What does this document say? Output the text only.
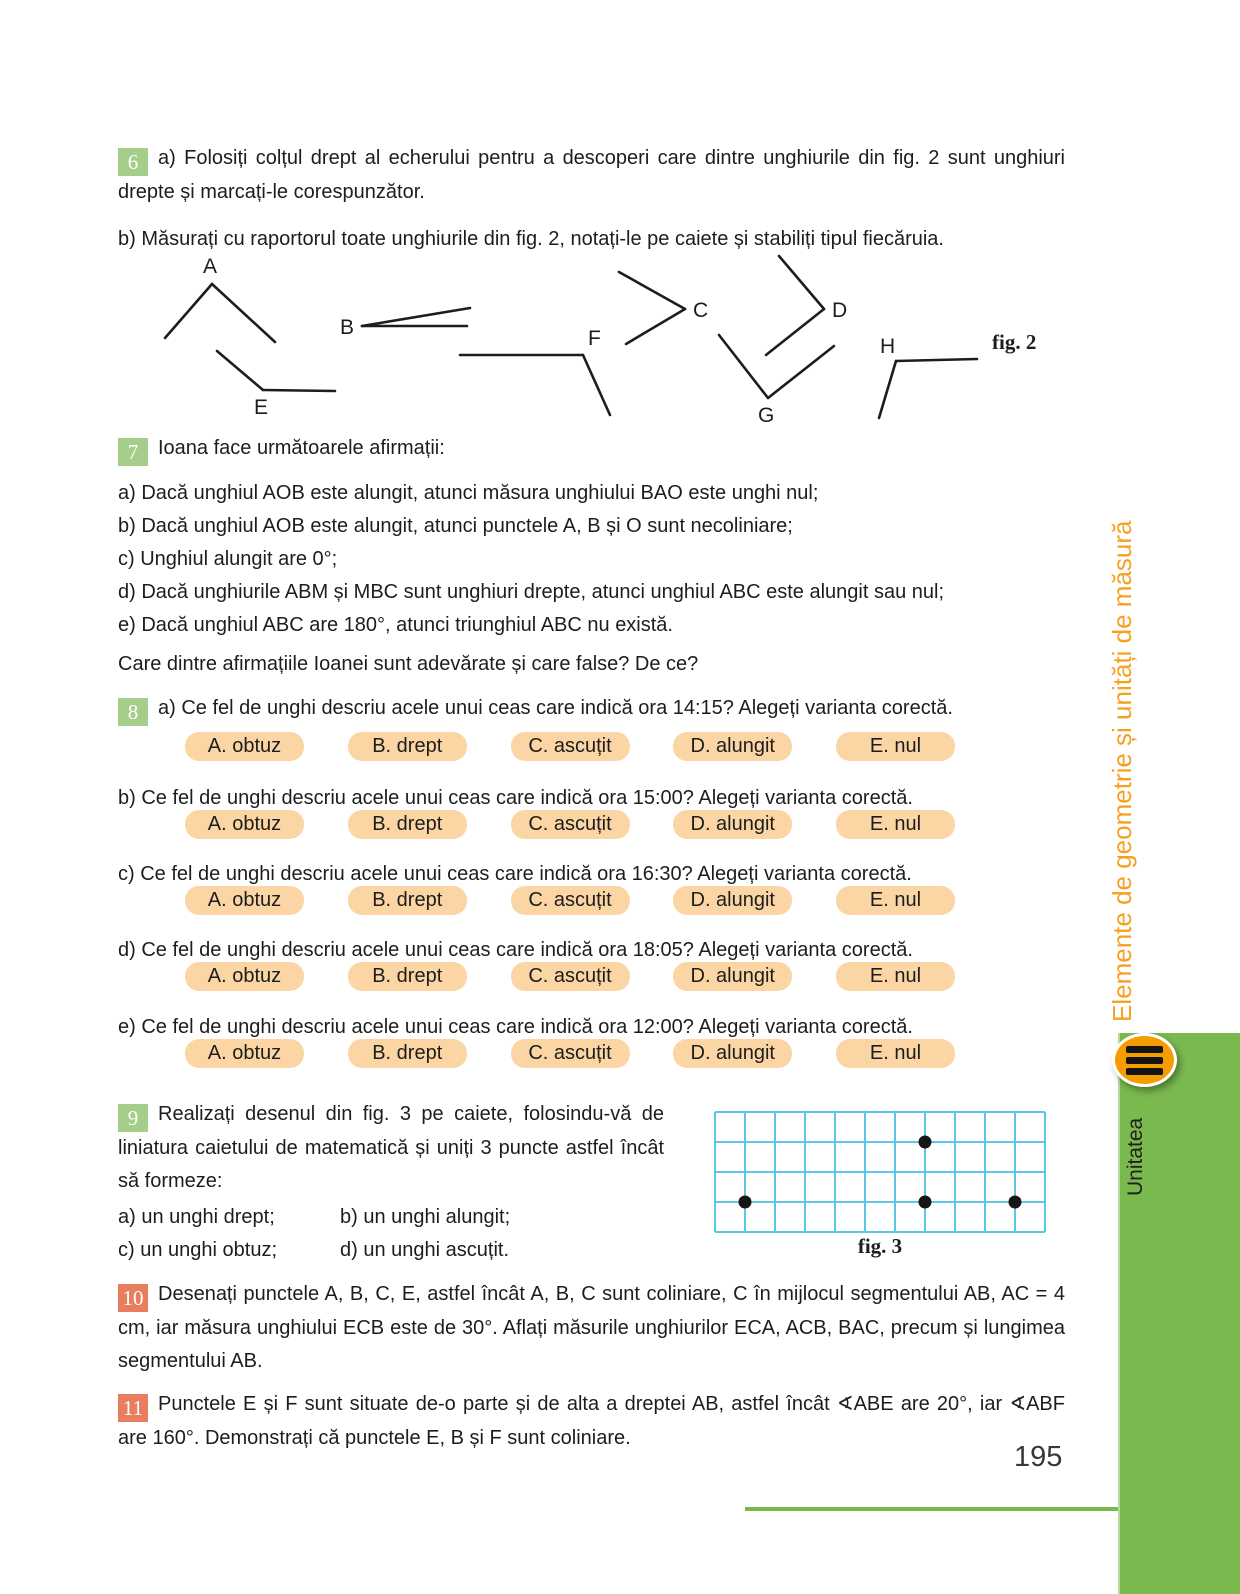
6 a) Folosiți colțul drept al echerului pentru a descoperi care dintre unghiurile din fig. 2 sunt unghiuri drepte și marcați-le corespunzător.

b) Măsurați cu raportorul toate unghiurile din fig. 2, notați-le pe caiete și stabiliți tipul fiecăruia.

fig. 2
A
B
C	D
E
F
G
H

7 Ioana face următoarele afirmații:

a) Dacă unghiul AOB este alungit, atunci măsura unghiului BAO este unghi nul;

b) Dacă unghiul AOB este alungit, atunci punctele A, B și O sunt necoliniare;

c) Unghiul alungit are 0°;

d) Dacă unghiurile ABM și MBC sunt unghiuri drepte, atunci unghiul ABC este alungit sau nul;

e) Dacă unghiul ABC are 180°, atunci triunghiul ABC nu există.

Care dintre afirmațiile Ioanei sunt adevărate și care false? De ce?

8 a) Ce fel de unghi descriu acele unui ceas care indică ora 14:15? Alegeți varianta corectă.
A. obtuz	B. drept	C. ascuțit	D. alungit	E. nul
b) Ce fel de unghi descriu acele unui ceas care indică ora 15:00? Alegeți varianta corectă.
A. obtuz	B. drept	C. ascuțit	D. alungit	E. nul
c) Ce fel de unghi descriu acele unui ceas care indică ora 16:30? Alegeți varianta corectă.
A. obtuz	B. drept	C. ascuțit	D. alungit	E. nul
d) Ce fel de unghi descriu acele unui ceas care indică ora 18:05? Alegeți varianta corectă.
A. obtuz	B. drept	C. ascuțit	D. alungit	E. nul
e) Ce fel de unghi descriu acele unui ceas care indică ora 12:00? Alegeți varianta corectă.
A. obtuz	B. drept	C. ascuțit	D. alungit	E. nul

9 Realizați desenul din fig. 3 pe caiete, folosindu-vă de liniatura caietului de matematică și uniți 3 puncte astfel încât să formeze:

a) un unghi drept;	b) un unghi alungit;
c) un unghi obtuz;	d) un unghi ascuțit.	fig. 3

10 Desenați punctele A, B, C, E, astfel încât A, B, C sunt coliniare, C în mijlocul segmentului AB, AC = 4 cm, iar măsura unghiului ECB este de 30°. Aflați măsurile unghiurilor ECA, ACB, BAC, precum și lungimea segmentului AB.

11 Punctele E și F sunt situate de-o parte și de alta a dreptei AB, astfel încât ∢ABE are 20°, iar ∢ABF are 160°. Demonstrați că punctele E, B și F sunt coliniare.

Elemente de geometrie și unități de măsură
Unitatea
195
